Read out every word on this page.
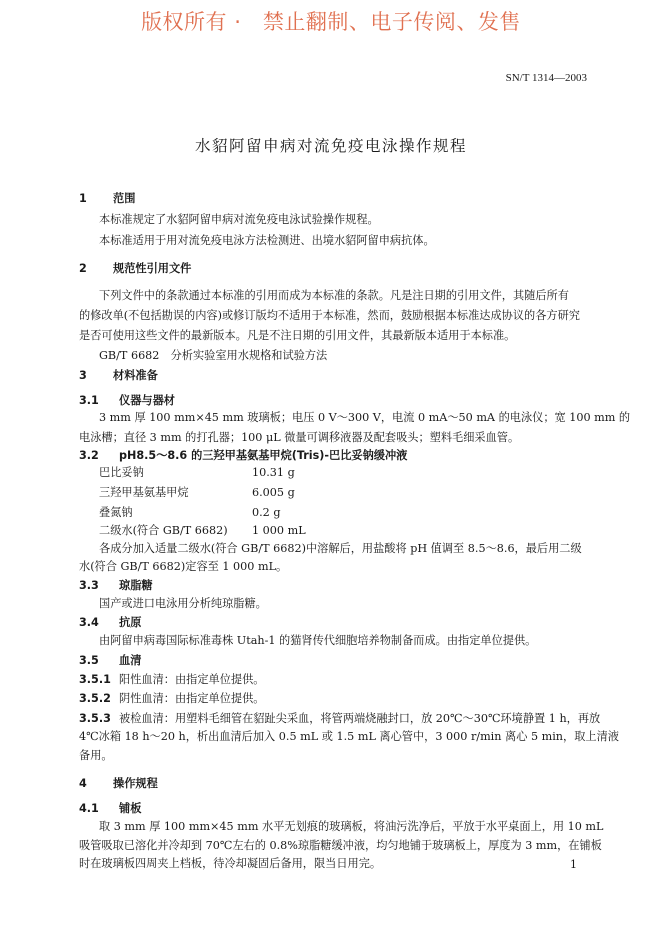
版权所有 ·　禁止翻制、电子传阅、发售
SN/T 1314—2003
水貂阿留申病对流免疫电泳操作规程
1 范围
本标准规定了水貂阿留申病对流免疫电泳试验操作规程。
本标准适用于用对流免疫电泳方法检测进、出境水貂阿留申病抗体。
2 规范性引用文件
下列文件中的条款通过本标准的引用而成为本标准的条款。凡是注日期的引用文件，其随后所有
的修改单(不包括勘误的内容)或修订版均不适用于本标准，然而，鼓励根据本标准达成协议的各方研究
是否可使用这些文件的最新版本。凡是不注日期的引用文件，其最新版本适用于本标准。
GB/T 6682　分析实验室用水规格和试验方法
3 材料准备
3.1 仪器与器材
3 mm 厚 100 mm×45 mm 玻璃板；电压 0 V～300 V，电流 0 mA～50 mA 的电泳仪；宽 100 mm 的
电泳槽；直径 3 mm 的打孔器；100 μL 微量可调移液器及配套吸头；塑料毛细采血管。
3.2 pH8.5～8.6 的三羟甲基氨基甲烷(Tris)-巴比妥钠缓冲液
巴比妥钠	10.31 g
三羟甲基氨基甲烷	6.005 g
叠氮钠	0.2 g
二级水(符合 GB/T 6682) 1 000 mL
各成分加入适量二级水(符合 GB/T 6682)中溶解后，用盐酸将 pH 值调至 8.5～8.6，最后用二级
水(符合 GB/T 6682)定容至 1 000 mL。
3.3 琼脂糖
国产或进口电泳用分析纯琼脂糖。
3.4 抗原
由阿留申病毒国际标准毒株 Utah-1 的猫肾传代细胞培养物制备而成。由指定单位提供。
3.5 血清
3.5.1 阳性血清：由指定单位提供。
3.5.2 阴性血清：由指定单位提供。
3.5.3 被检血清：用塑料毛细管在貂趾尖采血，将管两端烧融封口，放 20℃～30℃环境静置 1 h，再放
4℃冰箱 18 h～20 h，析出血清后加入 0.5 mL 或 1.5 mL 离心管中，3 000 r/min 离心 5 min，取上清液
备用。
4 操作规程
4.1 铺板
取 3 mm 厚 100 mm×45 mm 水平无划痕的玻璃板，将油污洗净后，平放于水平桌面上，用 10 mL
吸管吸取已溶化并冷却到 70℃左右的 0.8%琼脂糖缓冲液，均匀地铺于玻璃板上，厚度为 3 mm，在铺板
时在玻璃板四周夹上档板，待冷却凝固后备用，限当日用完。	1
